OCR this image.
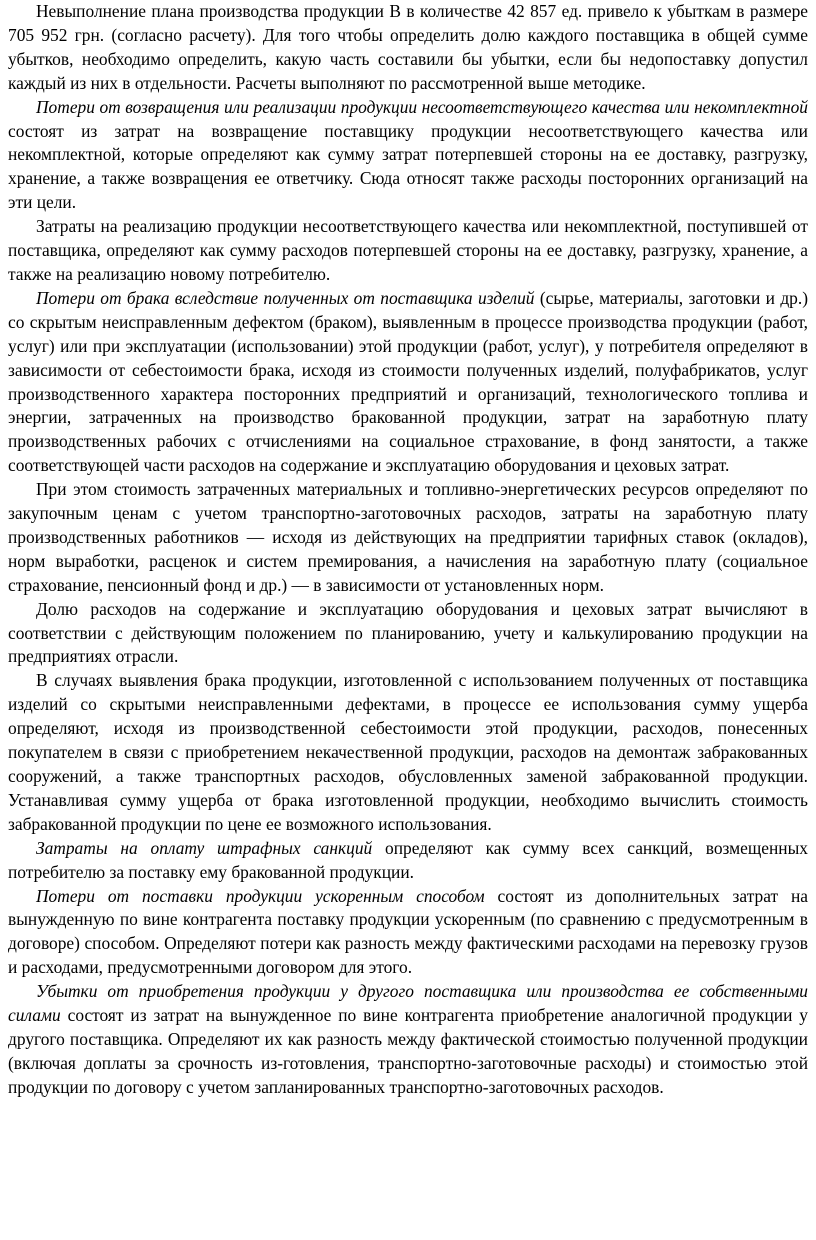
Невыполнение плана производства продукции В в количестве 42 857 ед. привело к убыткам в размере 705 952 грн. (согласно расчету). Для того чтобы определить долю каждого поставщика в общей сумме убытков, необходимо определить, какую часть составили бы убытки, если бы недопоставку допустил каждый из них в отдельности. Расчеты выполняют по рассмотренной выше методике.

Потери от возвращения или реализации продукции несоответствующего качества или некомплектной состоят из затрат на возвращение поставщику продукции несоответствующего качества или некомплектной, которые определяют как сумму затрат потерпевшей стороны на ее доставку, разгрузку, хранение, а также возвращения ее ответчику. Сюда относят также расходы посторонних организаций на эти цели.

Затраты на реализацию продукции несоответствующего качества или некомплектной, поступившей от поставщика, определяют как сумму расходов потерпевшей стороны на ее доставку, разгрузку, хранение, а также на реализацию новому потребителю.

Потери от брака вследствие полученных от поставщика изделий (сырье, материалы, заготовки и др.) со скрытым неисправленным дефектом (браком), выявленным в процессе производства продукции (работ, услуг) или при эксплуатации (использовании) этой продукции (работ, услуг), у потребителя определяют в зависимости от себестоимости брака, исходя из стоимости полученных изделий, полуфабрикатов, услуг производственного характера посторонних предприятий и организаций, технологического топлива и энергии, затраченных на производство бракованной продукции, затрат на заработную плату производственных рабочих с отчислениями на социальное страхование, в фонд занятости, а также соответствующей части расходов на содержание и эксплуатацию оборудования и цеховых затрат.

При этом стоимость затраченных материальных и топливно-энергетических ресурсов определяют по закупочным ценам с учетом транспортно-заготовочных расходов, затраты на заработную плату производственных работников — исходя из действующих на предприятии тарифных ставок (окладов), норм выработки, расценок и систем премирования, а начисления на заработную плату (социальное страхование, пенсионный фонд и др.) — в зависимости от установленных норм.

Долю расходов на содержание и эксплуатацию оборудования и цеховых затрат вычисляют в соответствии с действующим положением по планированию, учету и калькулированию продукции на предприятиях отрасли.

В случаях выявления брака продукции, изготовленной с использованием полученных от поставщика изделий со скрытыми неисправленными дефектами, в процессе ее использования сумму ущерба определяют, исходя из производственной себестоимости этой продукции, расходов, понесенных покупателем в связи с приобретением некачественной продукции, расходов на демонтаж забракованных сооружений, а также транспортных расходов, обусловленных заменой забракованной продукции. Устанавливая сумму ущерба от брака изготовленной продукции, необходимо вычислить стоимость забракованной продукции по цене ее возможного использования.

Затраты на оплату штрафных санкций определяют как сумму всех санкций, возмещенных потребителю за поставку ему бракованной продукции.

Потери от поставки продукции ускоренным способом состоят из дополнительных затрат на вынужденную по вине контрагента поставку продукции ускоренным (по сравнению с предусмотренным в договоре) способом. Определяют потери как разность между фактическими расходами на перевозку грузов и расходами, предусмотренными договором для этого.

Убытки от приобретения продукции у другого поставщика или производства ее собственными силами состоят из затрат на вынужденное по вине контрагента приобретение аналогичной продукции у другого поставщика. Определяют их как разность между фактической стоимостью полученной продукции (включая доплаты за срочность из-готовления, транспортно-заготовочные расходы) и стоимостью этой продукции по договору с учетом запланированных транспортно-заготовочных расходов.
